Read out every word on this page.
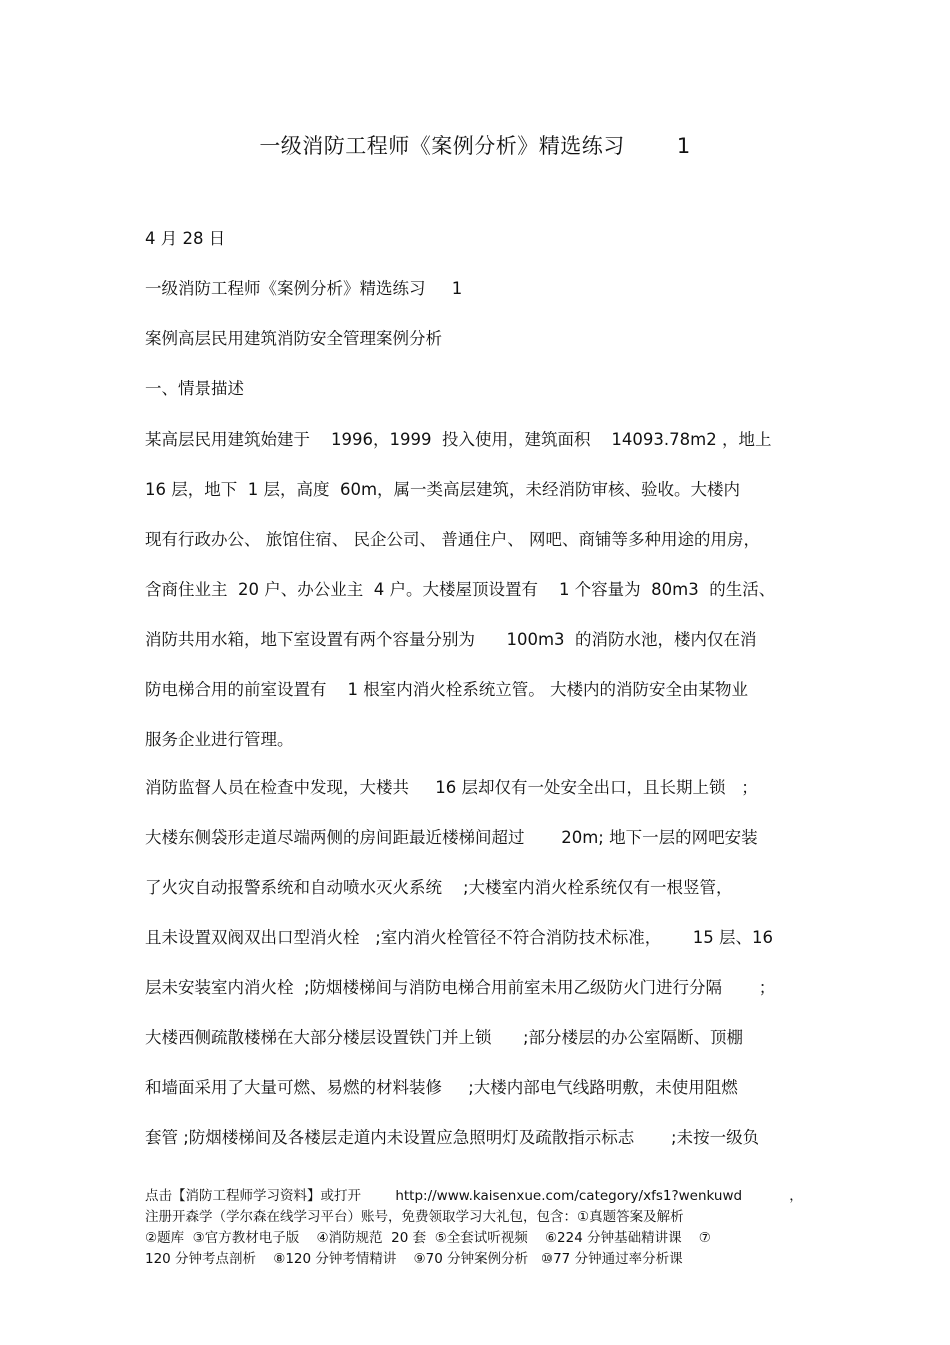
一级消防工程师《案例分析》精选练习 1
4 月 28 日
一级消防工程师《案例分析》精选练习     1
案例高层民用建筑消防安全管理案例分析
一、情景描述
某高层民用建筑始建于    1996，1999  投入使用，建筑面积    14093.78m2 ，地上
16 层，地下  1 层，高度  60m，属一类高层建筑，未经消防审核、验收。大楼内
现有行政办公、 旅馆住宿、 民企公司、 普通住户、 网吧、商铺等多种用途的用房，
含商住业主  20 户、办公业主  4 户。大楼屋顶设置有    1 个容量为  80m3  的生活、
消防共用水箱，地下室设置有两个容量分别为      100m3  的消防水池，楼内仅在消
防电梯合用的前室设置有    1 根室内消火栓系统立管。 大楼内的消防安全由某物业
服务企业进行管理。
消防监督人员在检查中发现，大楼共     16 层却仅有一处安全出口，且长期上锁   ；
大楼东侧袋形走道尽端两侧的房间距最近楼梯间超过       20m; 地下一层的网吧安装
了火灾自动报警系统和自动喷水灭火系统    ;大楼室内消火栓系统仅有一根竖管，
且未设置双阀双出口型消火栓   ;室内消火栓管径不符合消防技术标准，      15 层、16
层未安装室内消火栓  ;防烟楼梯间与消防电梯合用前室未用乙级防火门进行分隔       ；
大楼西侧疏散楼梯在大部分楼层设置铁门并上锁      ;部分楼层的办公室隔断、顶棚
和墙面采用了大量可燃、易燃的材料装修     ;大楼内部电气线路明敷，未使用阻燃
套管 ;防烟楼梯间及各楼层走道内未设置应急照明灯及疏散指示标志       ;未按一级负
点击【消防工程师学习资料】或打开        http://www.kaisenxue.com/category/xfs1?wenkuwd           ，
注册开森学（学尔森在线学习平台）账号，免费领取学习大礼包，包含：①真题答案及解析
②题库  ③官方教材电子版    ④消防规范  20 套  ⑤全套试听视频    ⑥224 分钟基础精讲课    ⑦
120 分钟考点剖析    ⑧120 分钟考情精讲    ⑨70 分钟案例分析   ⑩77 分钟通过率分析课
